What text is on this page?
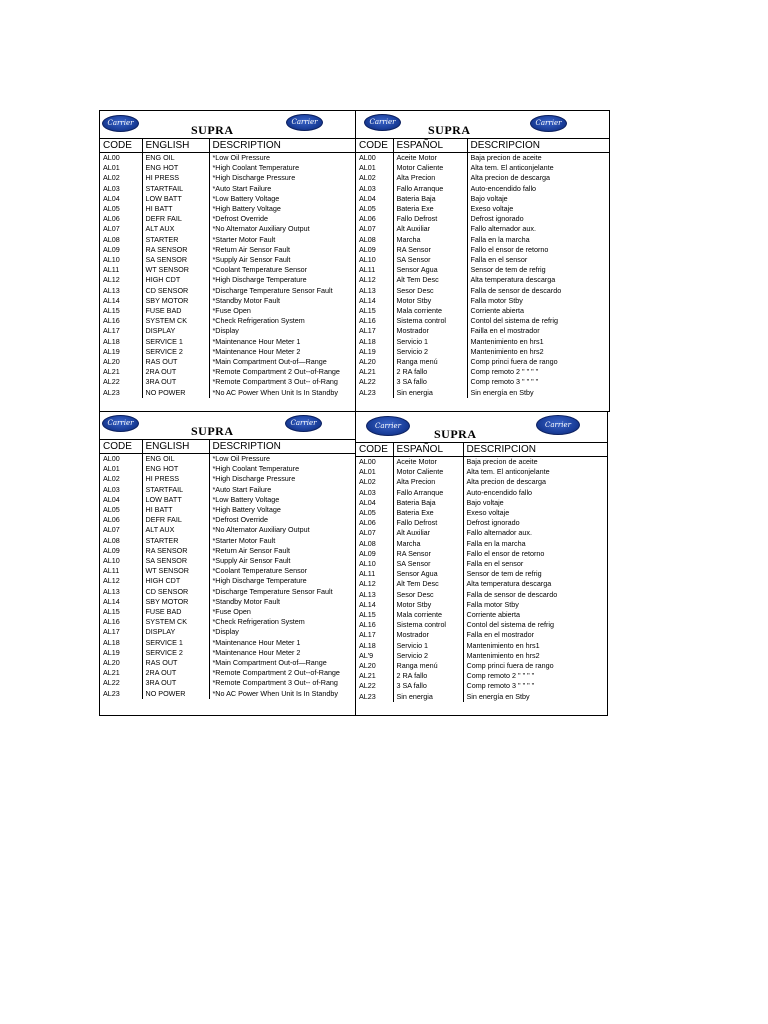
Carrier	SUPRA
Carrier
CODE	ENGLISH	DESCRIPTION
AL00	ENG OIL	*Low Oil Pressure
AL01	ENG HOT	*High Coolant Temperature
AL02	HI PRESS	*High Discharge Pressure
AL03	STARTFAIL	*Auto Start Failure
AL04	LOW BATT	*Low Battery Voltage
AL05	HI BATT	*High Battery Voltage
AL06	DEFR FAIL	*Defrost Override
AL07	ALT AUX	*No Alternator Auxiliary Output
AL08	STARTER	*Starter Motor Fault
AL09	RA SENSOR	*Return Air Sensor Fault
AL10	SA SENSOR	*Supply Air Sensor Fault
AL11	WT SENSOR	*Coolant Temperature Sensor
AL12	HIGH CDT	*High Discharge Temperature
AL13	CD SENSOR	*Discharge Temperature Sensor Fault
AL14	SBY MOTOR	*Standby Motor Fault
AL15	FUSE BAD	*Fuse Open
AL16	SYSTEM CK	*Check Refrigeration System
AL17	DISPLAY	*Display
AL18	SERVICE 1	*Maintenance Hour Meter 1
AL19	SERVICE 2	*Maintenance Hour Meter 2
AL20	RAS OUT	*Main Compartment Out-of—Range
AL21	2RA OUT	*Remote Compartment 2 Out--of-Range
AL22	3RA OUT	*Remote Compartment 3 Out-- of-Rang
AL23	NO POWER	*No AC Power When Unit Is In Standby
Carrier
SUPRA	Carrier
CODE	ESPAÑOL	DESCRIPCION
AL00	Aceite Motor	Baja precion de aceite
AL01	Motor Caliente	Alta tem. El anticonjelante
AL02	Alta Precion	Alta precion de descarga
AL03	Fallo Arranque	Auto-encendido fallo
AL04	Bateria Baja	Bajo voltaje
AL05	Bateria Exe	Exeso voltaje
AL06	Fallo Defrost	Defrost ignorado
AL07	Alt Auxiliar	Fallo alternador aux.
AL08	Marcha	Falla en la marcha
AL09	RA Sensor	Fallo el ensor de retorno
AL10	SA Sensor	Falla en el sensor
AL11	Sensor Agua	Sensor de tem de refrig
AL12	Alt Tem Desc	Alta temperatura descarga
AL13	Sesor Desc	Falla de sensor de descardo
AL14	Motor Stby	Falla motor Stby
AL15	Mala corriente	Corriente abierta
AL16	Sistema control	Contol del sistema de refrig
AL17	Mostrador	Failla en el mostrador
AL18	Servicio 1	Mantenimiento en hrs1
AL19	Servicio 2	Mantenimiento en hrs2
AL20	Ranga menú	Comp princi fuera de rango
AL21	2 RA fallo	Comp remoto 2 " " " "
AL22	3 SA fallo	Comp remoto 3 " " " "
AL23	Sin energia	Sin energía en Stby
Carrier
SUPRA
Carrier
CODE	ENGLISH	DESCRIPTION
AL00	ENG OIL	*Low Oil Pressure
AL01	ENG HOT	*High Coolant Temperature
AL02	HI PRESS	*High Discharge Pressure
AL03	STARTFAIL	*Auto Start Failure
AL04	LOW BATT	*Low Battery Voltage
AL05	HI BATT	*High Battery Voltage
AL06	DEFR FAIL	*Defrost Override
AL07	ALT AUX	*No Alternator Auxiliary Output
AL08	STARTER	*Starter Motor Fault
AL09	RA SENSOR	*Return Air Sensor Fault
AL10	SA SENSOR	*Supply Air Sensor Fault
AL11	WT SENSOR	*Coolant Temperature Sensor
AL12	HIGH CDT	*High Discharge Temperature
AL13	CD SENSOR	*Discharge Temperature Sensor Fault
AL14	SBY MOTOR	*Standby Motor Fault
AL15	FUSE BAD	*Fuse Open
AL16	SYSTEM CK	*Check Refrigeration System
AL17	DISPLAY	*Display
AL18	SERVICE 1	*Maintenance Hour Meter 1
AL19	SERVICE 2	*Maintenance Hour Meter 2
AL20	RAS OUT	*Main Compartment Out-of—Range
AL21	2RA OUT	*Remote Compartment 2 Out--of-Range
AL22	3RA OUT	*Remote Compartment 3 Out-- of-Rang
AL23	NO POWER	*No AC Power When Unit Is In Standby
Carrier
SUPRA
Carrier
CODE	ESPAÑOL	DESCRIPCION
AL00	Aceite Motor	Baja precion de aceite
AL01	Motor Caliente	Alta tem. El anticonjelante
AL02	Alta Precion	Alta precion de descarga
AL03	Fallo Arranque	Auto-encendido fallo
AL04	Bateria Baja	Bajo voltaje
AL05	Bateria Exe	Exeso voltaje
AL06	Fallo Defrost	Defrost ignorado
AL07	Alt Auxiliar	Fallo alternador aux.
AL08	Marcha	Falla en la marcha
AL09	RA Sensor	Fallo el ensor de retorno
AL10	SA Sensor	Falla en el sensor
AL11	Sensor Agua	Sensor de tem de refrig
AL12	Alt Tem Desc	Alta temperatura descarga
AL13	Sesor Desc	Falla de sensor de descardo
AL14	Motor Stby	Falla motor Stby
AL15	Mala corriente	Corriente abierta
AL16	Sistema control	Contol del sistema de refrig
AL17	Mostrador	Falla en el mostrador
AL18	Servicio 1	Mantenimiento en hrs1
AL'9	Servicio 2	Mantenimiento en hrs2
AL20	Ranga menú	Comp princi fuera de rango
AL21	2 RA fallo	Comp remoto 2 " " " "
AL22	3 SA fallo	Comp remoto 3 " " " "
AL23	Sin energia	Sin energía en Stby
